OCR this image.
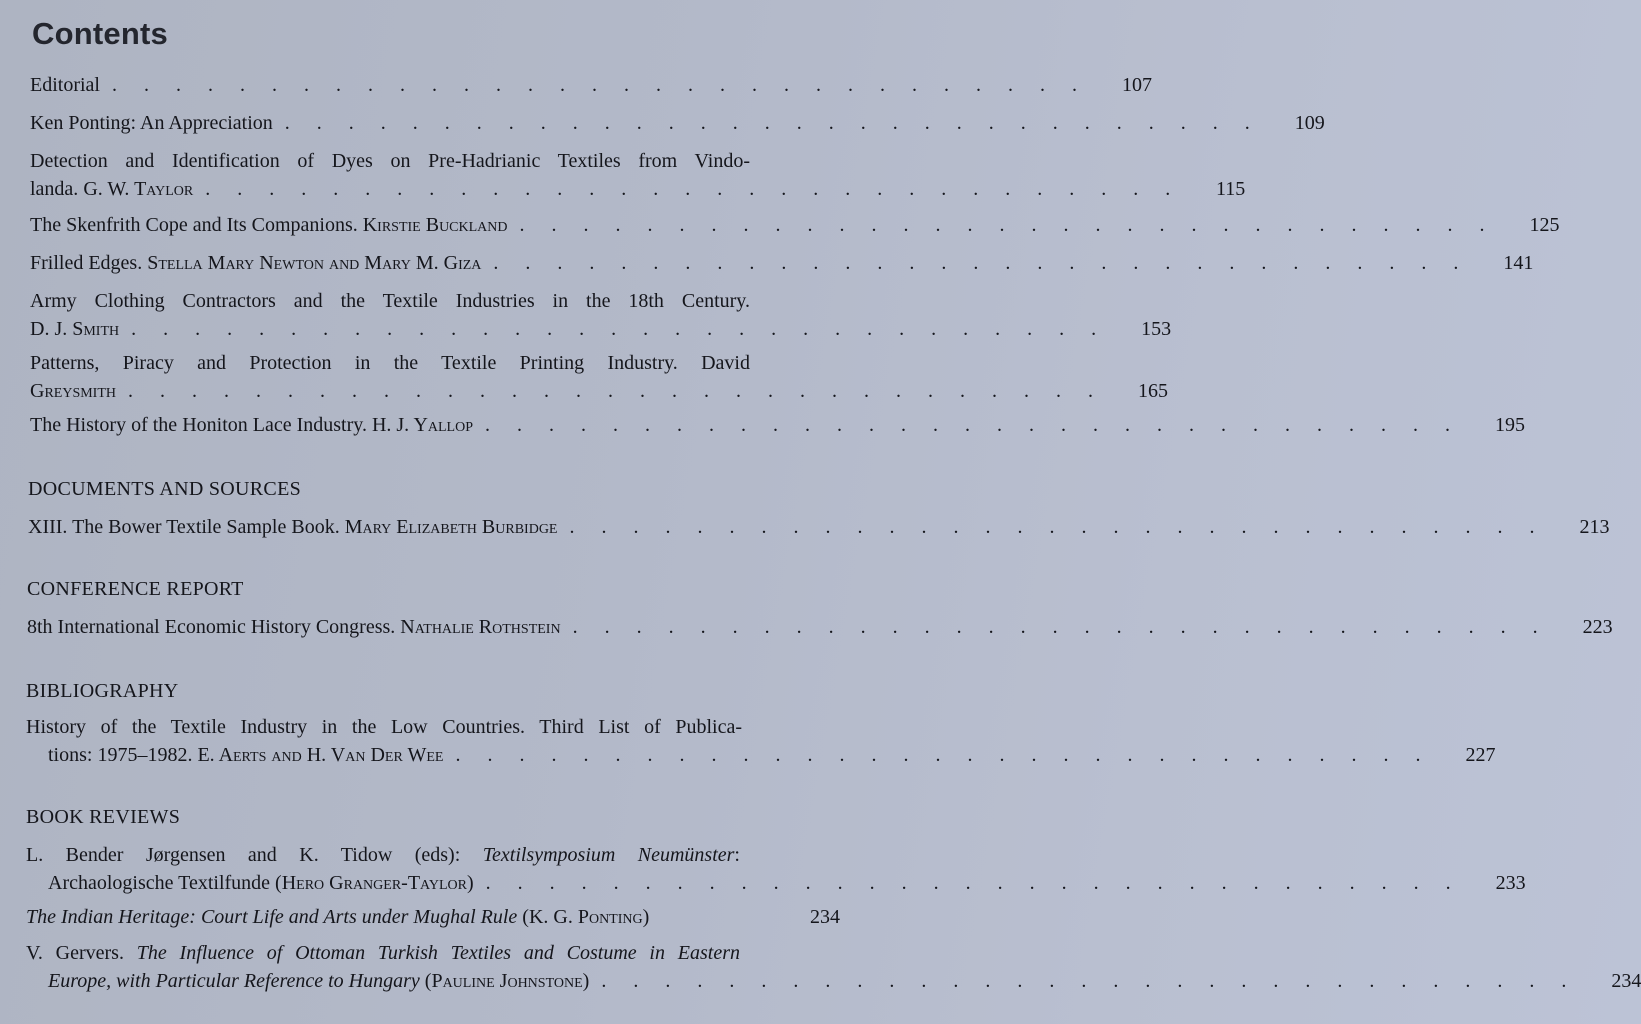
Contents
Editorial ............................... 107
Ken Ponting: An Appreciation ............................... 109
Detection and Identification of Dyes on Pre-Hadrianic Textiles from Vindo-
landa. G. W. Taylor ............................... 115
The Skenfrith Cope and Its Companions. Kirstie Buckland ............................... 125
Frilled Edges. Stella Mary Newton and Mary M. Giza ............................... 141
Army Clothing Contractors and the Textile Industries in the 18th Century.
D. J. Smith ............................... 153
Patterns, Piracy and Protection in the Textile Printing Industry. David
Greysmith ............................... 165
The History of the Honiton Lace Industry. H. J. Yallop ............................... 195
DOCUMENTS AND SOURCES
XIII. The Bower Textile Sample Book. Mary Elizabeth Burbidge ............................... 213
CONFERENCE REPORT
8th International Economic History Congress. Nathalie Rothstein ............................... 223
BIBLIOGRAPHY
History of the Textile Industry in the Low Countries. Third List of Publica-
tions: 1975–1982. E. Aerts and H. Van Der Wee ............................... 227
BOOK REVIEWS
L. Bender Jørgensen and K. Tidow (eds): Textilsymposium Neumünster:
Archaologische Textilfunde (Hero Granger-Taylor) ............................... 233
The Indian Heritage: Court Life and Arts under Mughal Rule (K. G. Ponting)	234
V. Gervers. The Influence of Ottoman Turkish Textiles and Costume in Eastern
Europe, with Particular Reference to Hungary (Pauline Johnstone) ............................... 234
